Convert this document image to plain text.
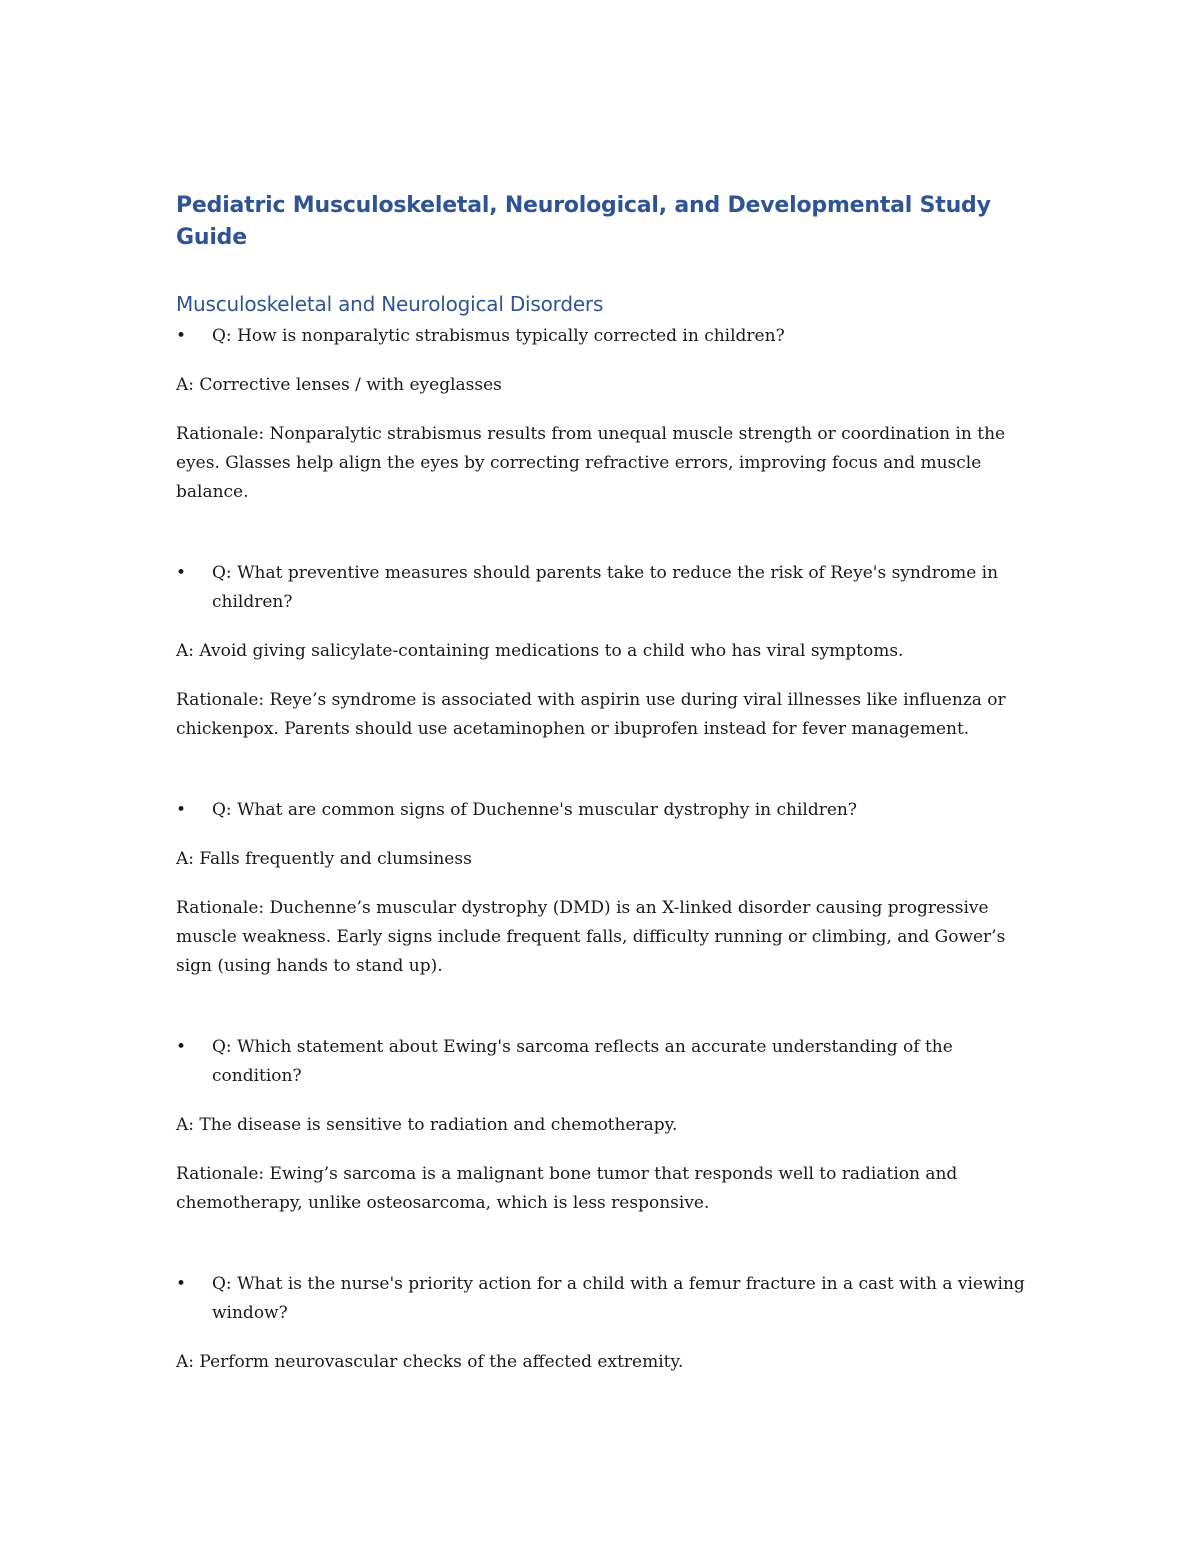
Pediatric Musculoskeletal, Neurological, and Developmental Study Guide
Musculoskeletal and Neurological Disorders

•	Q: How is nonparalytic strabismus typically corrected in children?

A: Corrective lenses / with eyeglasses

Rationale: Nonparalytic strabismus results from unequal muscle strength or coordination in the eyes. Glasses help align the eyes by correcting refractive errors, improving focus and muscle balance.

•	Q: What preventive measures should parents take to reduce the risk of Reye's syndrome in children?

A: Avoid giving salicylate-containing medications to a child who has viral symptoms.

Rationale: Reye’s syndrome is associated with aspirin use during viral illnesses like influenza or chickenpox. Parents should use acetaminophen or ibuprofen instead for fever management.

•	Q: What are common signs of Duchenne's muscular dystrophy in children?

A: Falls frequently and clumsiness

Rationale: Duchenne’s muscular dystrophy (DMD) is an X-linked disorder causing progressive muscle weakness. Early signs include frequent falls, difficulty running or climbing, and Gower’s sign (using hands to stand up).

•	Q: Which statement about Ewing's sarcoma reflects an accurate understanding of the condition?

A: The disease is sensitive to radiation and chemotherapy.

Rationale: Ewing’s sarcoma is a malignant bone tumor that responds well to radiation and chemotherapy, unlike osteosarcoma, which is less responsive.

•	Q: What is the nurse's priority action for a child with a femur fracture in a cast with a viewing window?

A: Perform neurovascular checks of the affected extremity.
